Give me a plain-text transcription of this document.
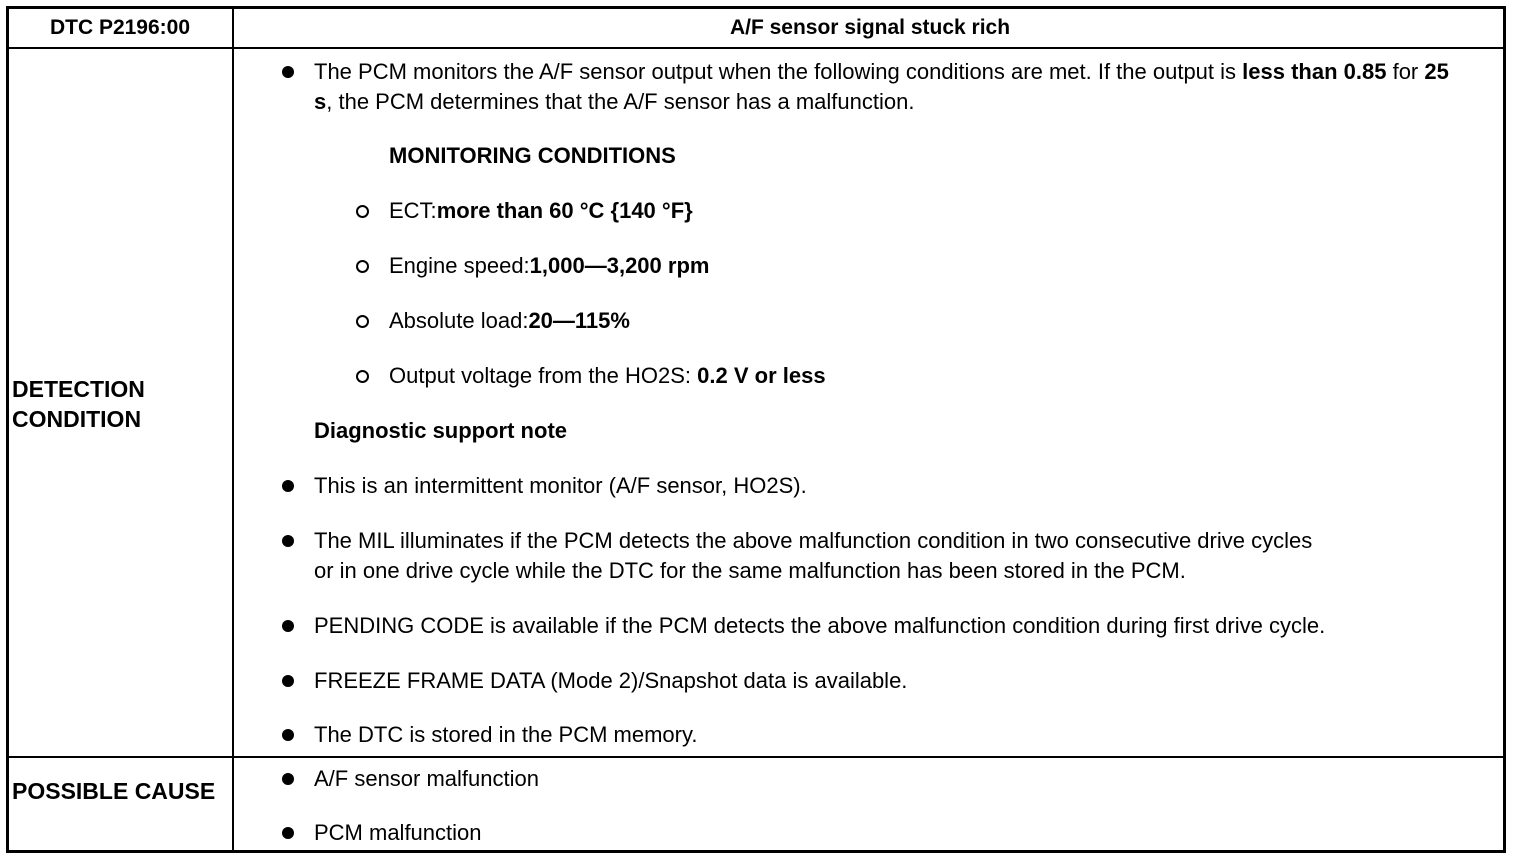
DTC P2196:00	A/F sensor signal stuck rich
DETECTION CONDITION
POSSIBLE CAUSE
The PCM monitors the A/F sensor output when the following conditions are met. If the output is less than 0.85 for 25 s, the PCM determines that the A/F sensor has a malfunction.
MONITORING CONDITIONS
ECT:more than 60 °C {140 °F}
Engine speed:1,000—3,200 rpm
Absolute load:20—115%
Output voltage from the HO2S: 0.2 V or less
Diagnostic support note
This is an intermittent monitor (A/F sensor, HO2S).
The MIL illuminates if the PCM detects the above malfunction condition in two consecutive drive cycles
or in one drive cycle while the DTC for the same malfunction has been stored in the PCM.
PENDING CODE is available if the PCM detects the above malfunction condition during first drive cycle.
FREEZE FRAME DATA (Mode 2)/Snapshot data is available.
The DTC is stored in the PCM memory.
A/F sensor malfunction
PCM malfunction
